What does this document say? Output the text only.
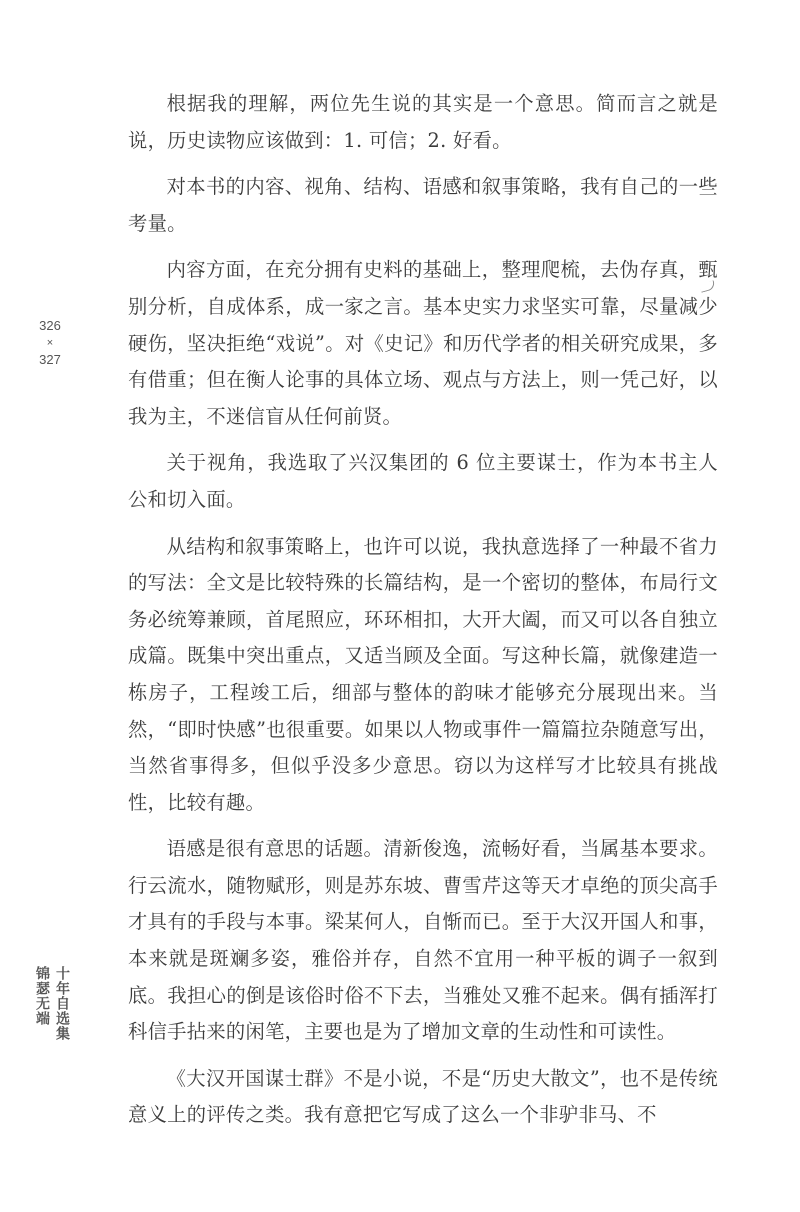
326
×
327
锦瑟无端 十年自选集

根据我的理解，两位先生说的其实是一个意思。简而言之就是说，历史读物应该做到：1. 可信；2. 好看。

对本书的内容、视角、结构、语感和叙事策略，我有自己的一些考量。

内容方面，在充分拥有史料的基础上，整理爬梳，去伪存真，甄别分析，自成体系，成一家之言。基本史实力求坚实可靠，尽量减少硬伤，坚决拒绝“戏说”。对《史记》和历代学者的相关研究成果，多有借重；但在衡人论事的具体立场、观点与方法上，则一凭己好，以我为主，不迷信盲从任何前贤。

关于视角，我选取了兴汉集团的 6 位主要谋士，作为本书主人公和切入面。

从结构和叙事策略上，也许可以说，我执意选择了一种最不省力的写法：全文是比较特殊的长篇结构，是一个密切的整体，布局行文务必统筹兼顾，首尾照应，环环相扣，大开大阖，而又可以各自独立成篇。既集中突出重点，又适当顾及全面。写这种长篇，就像建造一栋房子，工程竣工后，细部与整体的韵味才能够充分展现出来。当然，“即时快感”也很重要。如果以人物或事件一篇篇拉杂随意写出，当然省事得多，但似乎没多少意思。窃以为这样写才比较具有挑战性，比较有趣。

语感是很有意思的话题。清新俊逸，流畅好看，当属基本要求。行云流水，随物赋形，则是苏东坡、曹雪芹这等天才卓绝的顶尖高手才具有的手段与本事。梁某何人，自惭而已。至于大汉开国人和事，本来就是斑斓多姿，雅俗并存，自然不宜用一种平板的调子一叙到底。我担心的倒是该俗时俗不下去，当雅处又雅不起来。偶有插浑打科信手拈来的闲笔，主要也是为了增加文章的生动性和可读性。

《大汉开国谋士群》不是小说，不是“历史大散文”，也不是传统意义上的评传之类。我有意把它写成了这么一个非驴非马、不
